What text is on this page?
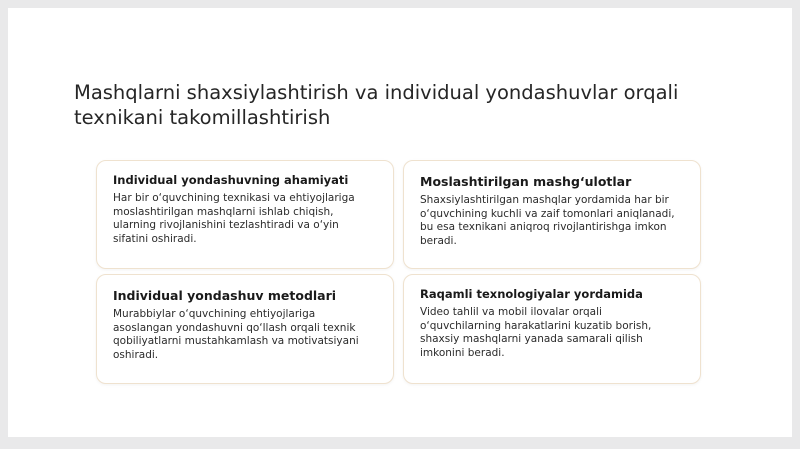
Mashqlarni shaxsiylashtirish va individual yondashuvlar orqali texnikani takomillashtirish
Individual yondashuvning ahamiyati

Har bir o‘quvchining texnikasi va ehtiyojlariga moslashtirilgan mashqlarni ishlab chiqish, ularning rivojlanishini tezlashtiradi va o‘yin sifatini oshiradi.

Moslashtirilgan mashg‘ulotlar

Shaxsiylashtirilgan mashqlar yordamida har bir o‘quvchining kuchli va zaif tomonlari aniqlanadi, bu esa texnikani aniqroq rivojlantirishga imkon beradi.

Individual yondashuv metodlari

Murabbiylar o‘quvchining ehtiyojlariga asoslangan yondashuvni qo‘llash orqali texnik qobiliyatlarni mustahkamlash va motivatsiyani oshiradi.

Raqamli texnologiyalar yordamida

Video tahlil va mobil ilovalar orqali o‘quvchilarning harakatlarini kuzatib borish, shaxsiy mashqlarni yanada samarali qilish imkonini beradi.
